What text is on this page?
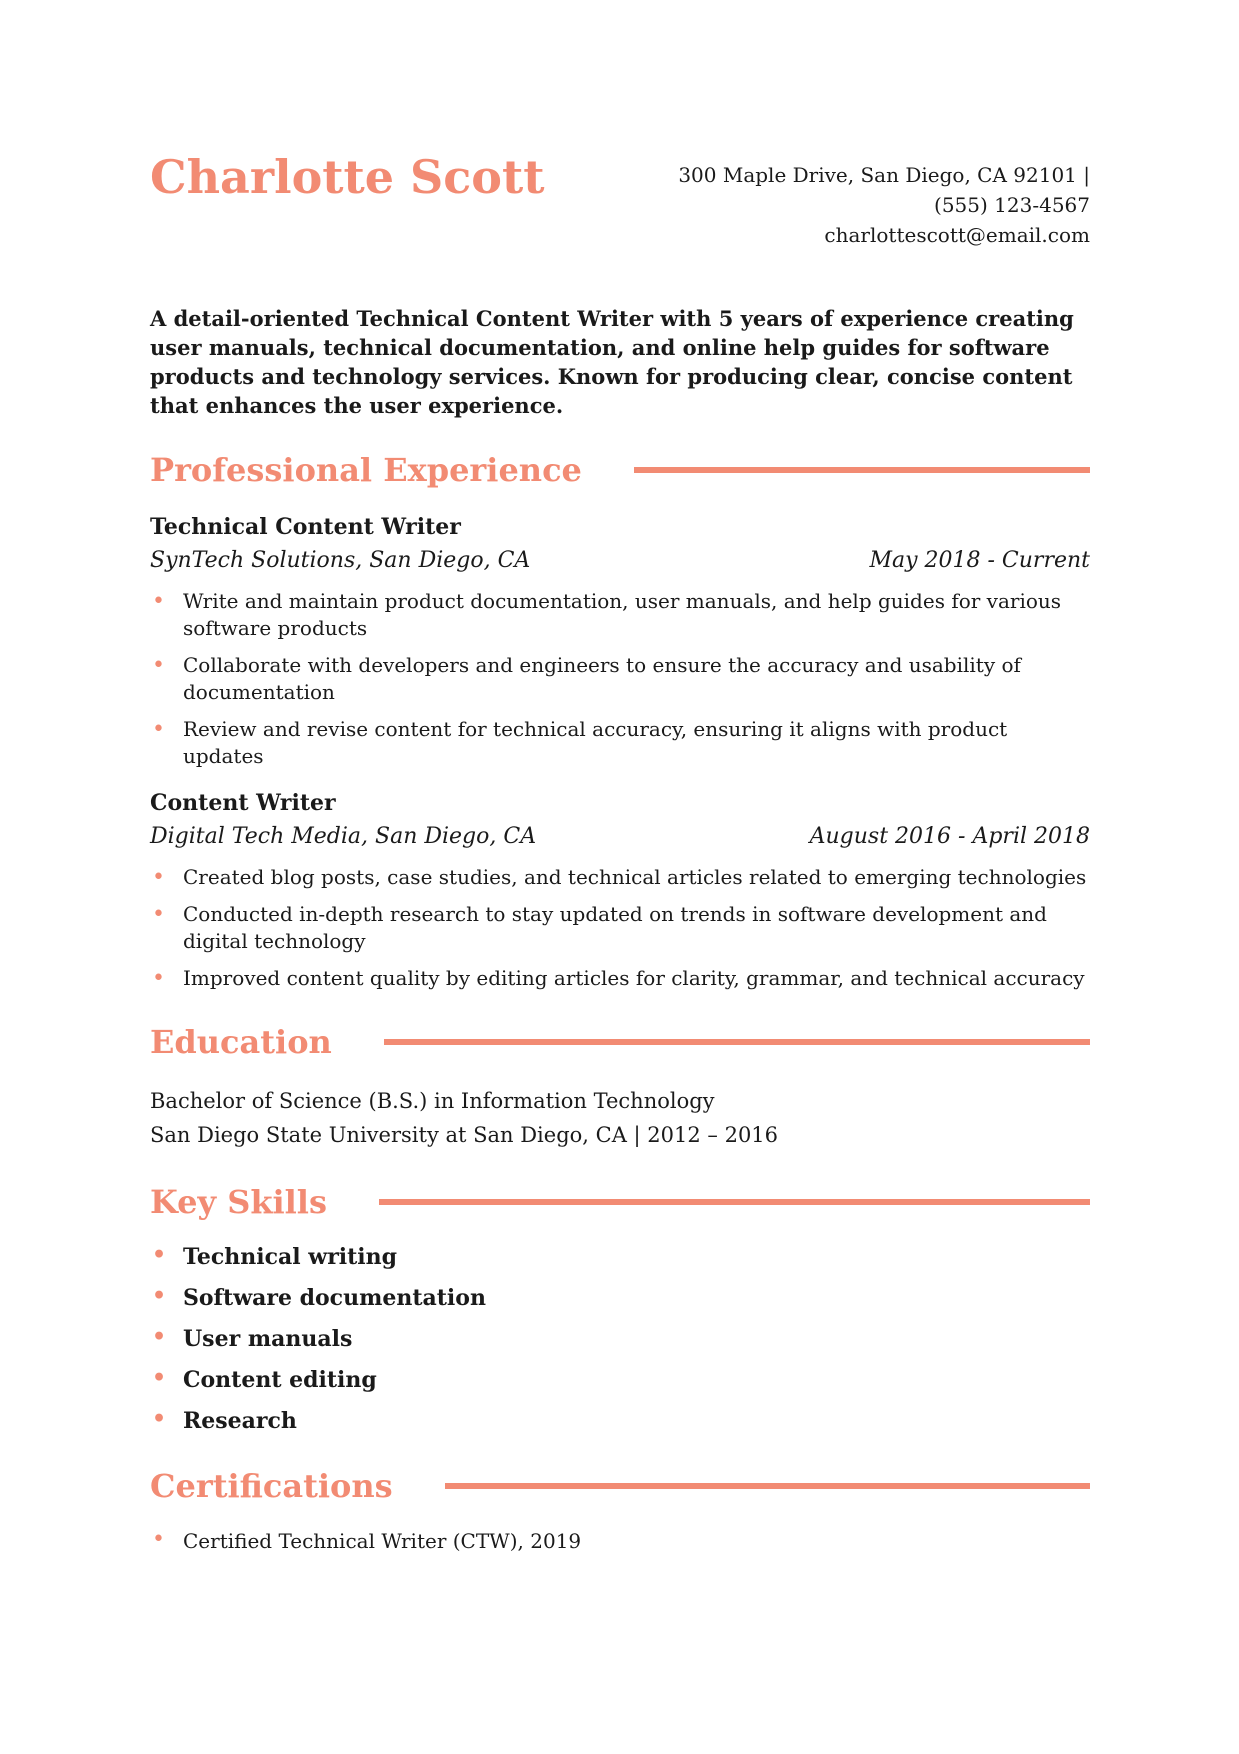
Charlotte Scott	300 Maple Drive, San Diego, CA 92101 |
(555) 123-4567
charlottescott@email.com
A detail-oriented Technical Content Writer with 5 years of experience creating user manuals, technical documentation, and online help guides for software products and technology services. Known for producing clear, concise content that enhances the user experience.
Professional Experience
Technical Content Writer
SynTech Solutions, San Diego, CA	May 2018 - Current
• Write and maintain product documentation, user manuals, and help guides for various software products
• Collaborate with developers and engineers to ensure the accuracy and usability of documentation
• Review and revise content for technical accuracy, ensuring it aligns with product updates
Content Writer
Digital Tech Media, San Diego, CA	August 2016 - April 2018
• Created blog posts, case studies, and technical articles related to emerging technologies
• Conducted in-depth research to stay updated on trends in software development and digital technology
• Improved content quality by editing articles for clarity, grammar, and technical accuracy
Education
Bachelor of Science (B.S.) in Information Technology
San Diego State University at San Diego, CA | 2012 – 2016
Key Skills
• Technical writing
• Software documentation
• User manuals
• Content editing
• Research
Certifications
• Certified Technical Writer (CTW), 2019
